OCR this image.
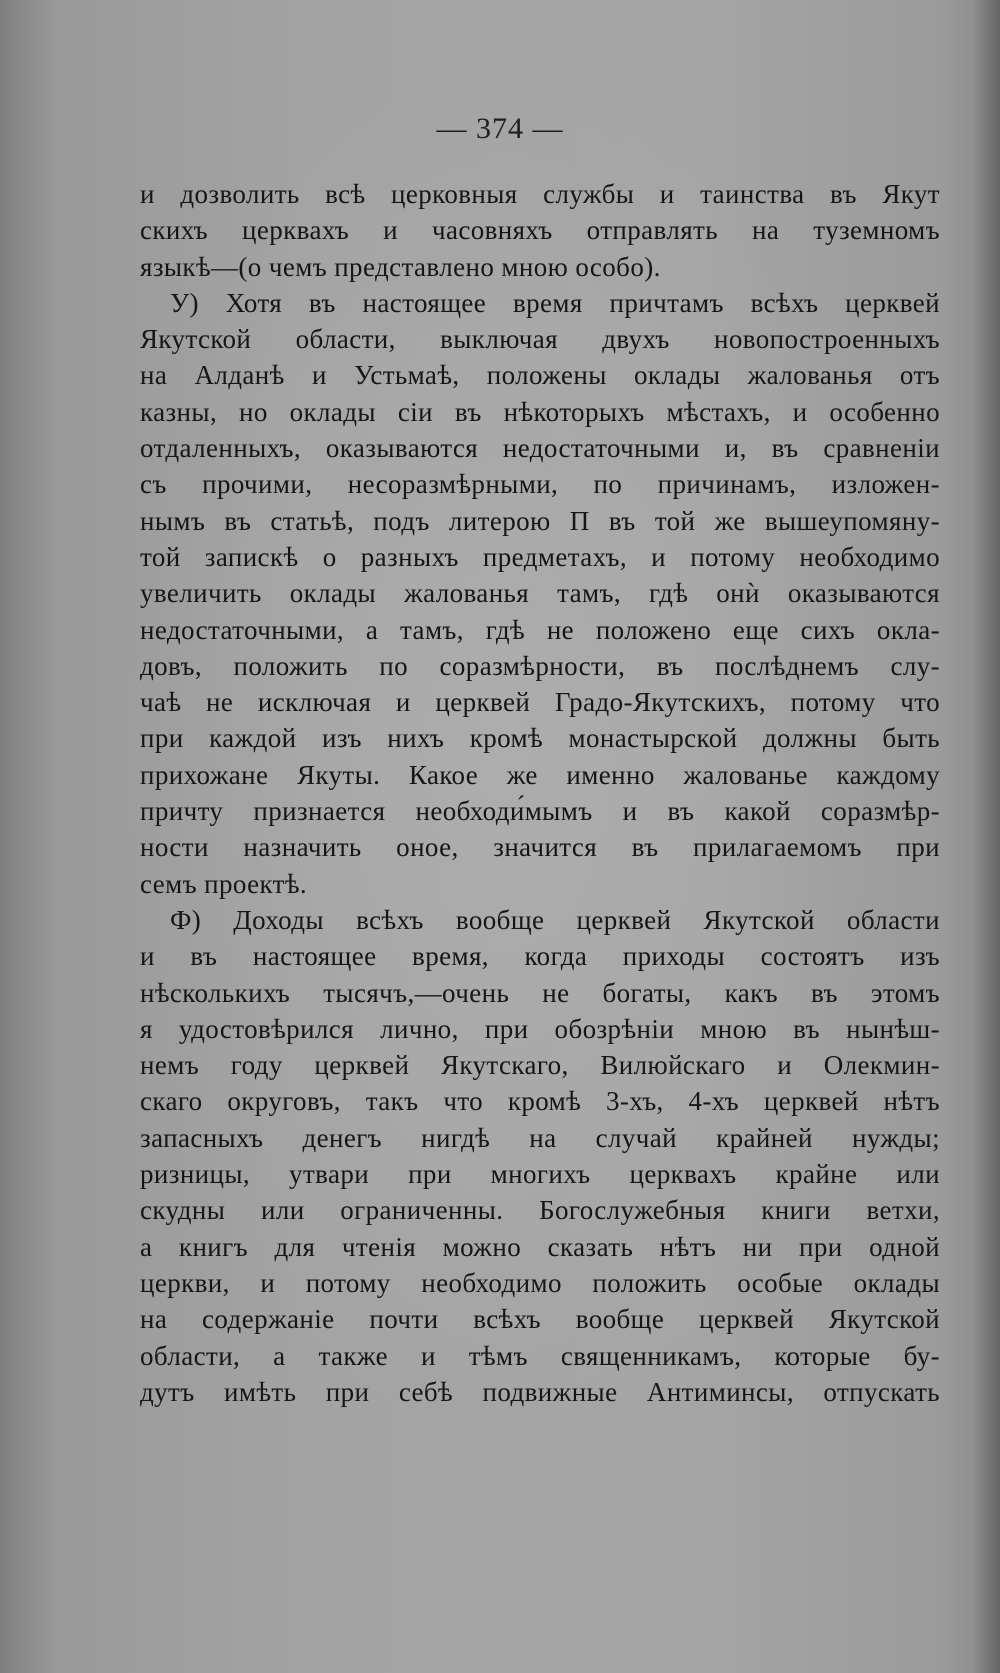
— 374 —
и дозволить всѣ церковныя службы и таинства въ Якут
скихъ церквахъ и часовняхъ отправлять на туземномъ
языкѣ—(о чемъ представлено мною особо).
У) Хотя въ настоящее время причтамъ всѣхъ церквей
Якутской области, выключая двухъ новопостроенныхъ
на Алданѣ и Устьмаѣ, положены оклады жалованья отъ
казны, но оклады сіи въ нѣкоторыхъ мѣстахъ, и особенно
отдаленныхъ, оказываются недостаточными и, въ сравненіи
съ прочими, несоразмѣрными, по причинамъ, изложен-
нымъ въ статьѣ, подъ литерою П въ той же вышеупомяну-
той запискѣ о разныхъ предметахъ, и потому необходимо
увеличить оклады жалованья тамъ, гдѣ онѝ оказываются
недостаточными, а тамъ, гдѣ не положено еще сихъ окла-
довъ, положить по соразмѣрности, въ послѣднемъ слу-
чаѣ не исключая и церквей Градо-Якутскихъ, потому что
при каждой изъ нихъ кромѣ монастырской должны быть
прихожане Якуты. Какое же именно жалованье каждому
причту признается необходи́мымъ и въ какой соразмѣр-
ности назначить оное, значится въ прилагаемомъ при
семъ проектѣ.
Ф) Доходы всѣхъ вообще церквей Якутской области
и въ настоящее время, когда приходы состоятъ изъ
нѣсколькихъ тысячъ,—очень не богаты, какъ въ этомъ
я удостовѣрился лично, при обозрѣніи мною въ нынѣш-
немъ году церквей Якутскаго, Вилюйскаго и Олекмин-
скаго округовъ, такъ что кромѣ 3-хъ, 4-хъ церквей нѣтъ
запасныхъ денегъ нигдѣ на случай крайней нужды;
ризницы, утвари при многихъ церквахъ крайне или
скудны или ограниченны. Богослужебныя книги ветхи,
а книгъ для чтенія можно сказать нѣтъ ни при одной
церкви, и потому необходимо положить особые оклады
на содержаніе почти всѣхъ вообще церквей Якутской
области, а также и тѣмъ священникамъ, которые бу-
дутъ имѣть при себѣ подвижные Антиминсы, отпускать
